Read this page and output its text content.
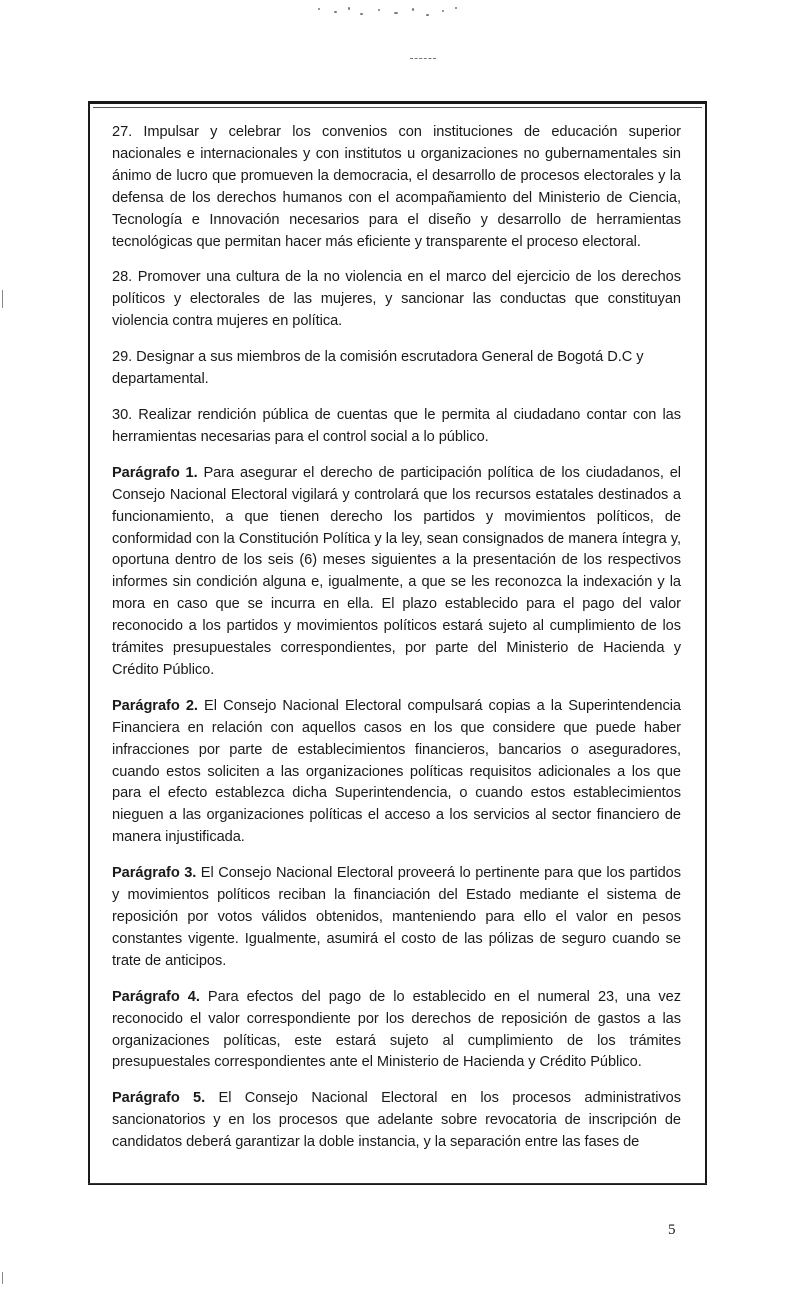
27. Impulsar y celebrar los convenios con instituciones de educación superior nacionales e internacionales y con institutos u organizaciones no gubernamentales sin ánimo de lucro que promueven la democracia, el desarrollo de procesos electorales y la defensa de los derechos humanos con el acompañamiento del Ministerio de Ciencia, Tecnología e Innovación necesarios para el diseño y desarrollo de herramientas tecnológicas que permitan hacer más eficiente y transparente el proceso electoral.

28. Promover una cultura de la no violencia en el marco del ejercicio de los derechos políticos y electorales de las mujeres, y sancionar las conductas que constituyan violencia contra mujeres en política.

29. Designar a sus miembros de la comisión escrutadora General de Bogotá D.C y departamental.

30. Realizar rendición pública de cuentas que le permita al ciudadano contar con las herramientas necesarias para el control social a lo público.

Parágrafo 1. Para asegurar el derecho de participación política de los ciudadanos, el Consejo Nacional Electoral vigilará y controlará que los recursos estatales destinados a funcionamiento, a que tienen derecho los partidos y movimientos políticos, de conformidad con la Constitución Política y la ley, sean consignados de manera íntegra y, oportuna dentro de los seis (6) meses siguientes a la presentación de los respectivos informes sin condición alguna e, igualmente, a que se les reconozca la indexación y la mora en caso que se incurra en ella. El plazo establecido para el pago del valor reconocido a los partidos y movimientos políticos estará sujeto al cumplimiento de los trámites presupuestales correspondientes, por parte del Ministerio de Hacienda y Crédito Público.

Parágrafo 2. El Consejo Nacional Electoral compulsará copias a la Superintendencia Financiera en relación con aquellos casos en los que considere que puede haber infracciones por parte de establecimientos financieros, bancarios o aseguradores, cuando estos soliciten a las organizaciones políticas requisitos adicionales a los que para el efecto establezca dicha Superintendencia, o cuando estos establecimientos nieguen a las organizaciones políticas el acceso a los servicios al sector financiero de manera injustificada.

Parágrafo 3. El Consejo Nacional Electoral proveerá lo pertinente para que los partidos y movimientos políticos reciban la financiación del Estado mediante el sistema de reposición por votos válidos obtenidos, manteniendo para ello el valor en pesos constantes vigente. Igualmente, asumirá el costo de las pólizas de seguro cuando se trate de anticipos.

Parágrafo 4. Para efectos del pago de lo establecido en el numeral 23, una vez reconocido el valor correspondiente por los derechos de reposición de gastos a las organizaciones políticas, este estará sujeto al cumplimiento de los trámites presupuestales correspondientes ante el Ministerio de Hacienda y Crédito Público.

Parágrafo 5. El Consejo Nacional Electoral en los procesos administrativos sancionatorios y en los procesos que adelante sobre revocatoria de inscripción de candidatos deberá garantizar la doble instancia, y la separación entre las fases de

5
